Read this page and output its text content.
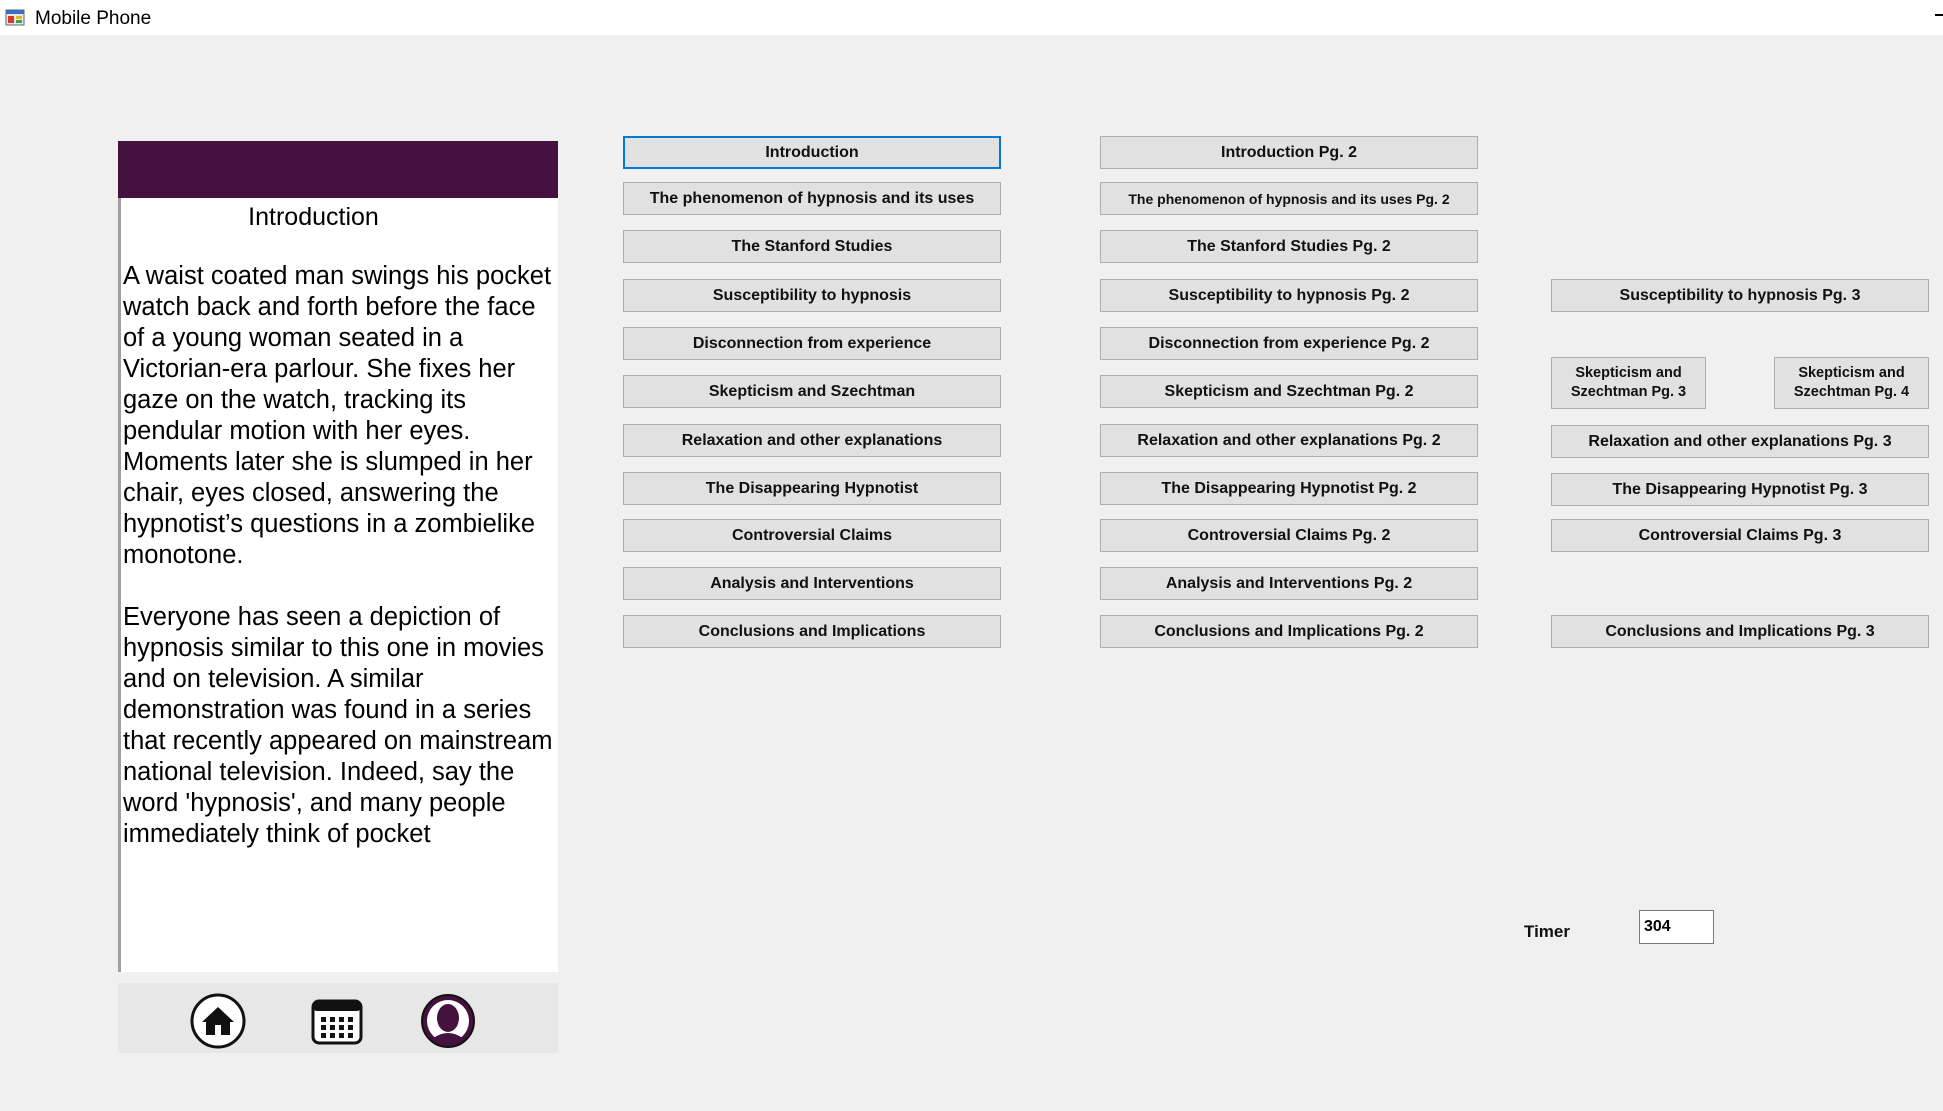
Mobile Phone
Introduction

A waist coated man swings his pocket watch back and forth before the face of a young woman seated in a Victorian-era parlour. She fixes her gaze on the watch, tracking its pendular motion with her eyes. Moments later she is slumped in her chair, eyes closed, answering the hypnotist’s questions in a zombielike monotone.

Everyone has seen a depiction of hypnosis similar to this one in movies and on television. A similar demonstration was found in a series that recently appeared on mainstream national television. Indeed, say the word 'hypnosis', and many people immediately think of pocket

Introduction
The phenomenon of hypnosis and its uses
The Stanford Studies
Susceptibility to hypnosis
Disconnection from experience
Skepticism and Szechtman
Relaxation and other explanations
The Disappearing Hypnotist
Controversial Claims
Analysis and Interventions
Conclusions and Implications
Introduction Pg. 2
The phenomenon of hypnosis and its uses Pg. 2
The Stanford Studies Pg. 2
Susceptibility to hypnosis Pg. 2
Disconnection from experience Pg. 2
Skepticism and Szechtman Pg. 2
Relaxation and other explanations Pg. 2
The Disappearing Hypnotist Pg. 2
Controversial Claims Pg. 2
Analysis and Interventions Pg. 2
Conclusions and Implications Pg. 2
Susceptibility to hypnosis Pg. 3
Skepticism and Szechtman Pg. 3
Skepticism and Szechtman Pg. 4
Relaxation and other explanations Pg. 3
The Disappearing Hypnotist Pg. 3
Controversial Claims Pg. 3
Conclusions and Implications Pg. 3
Timer
304
